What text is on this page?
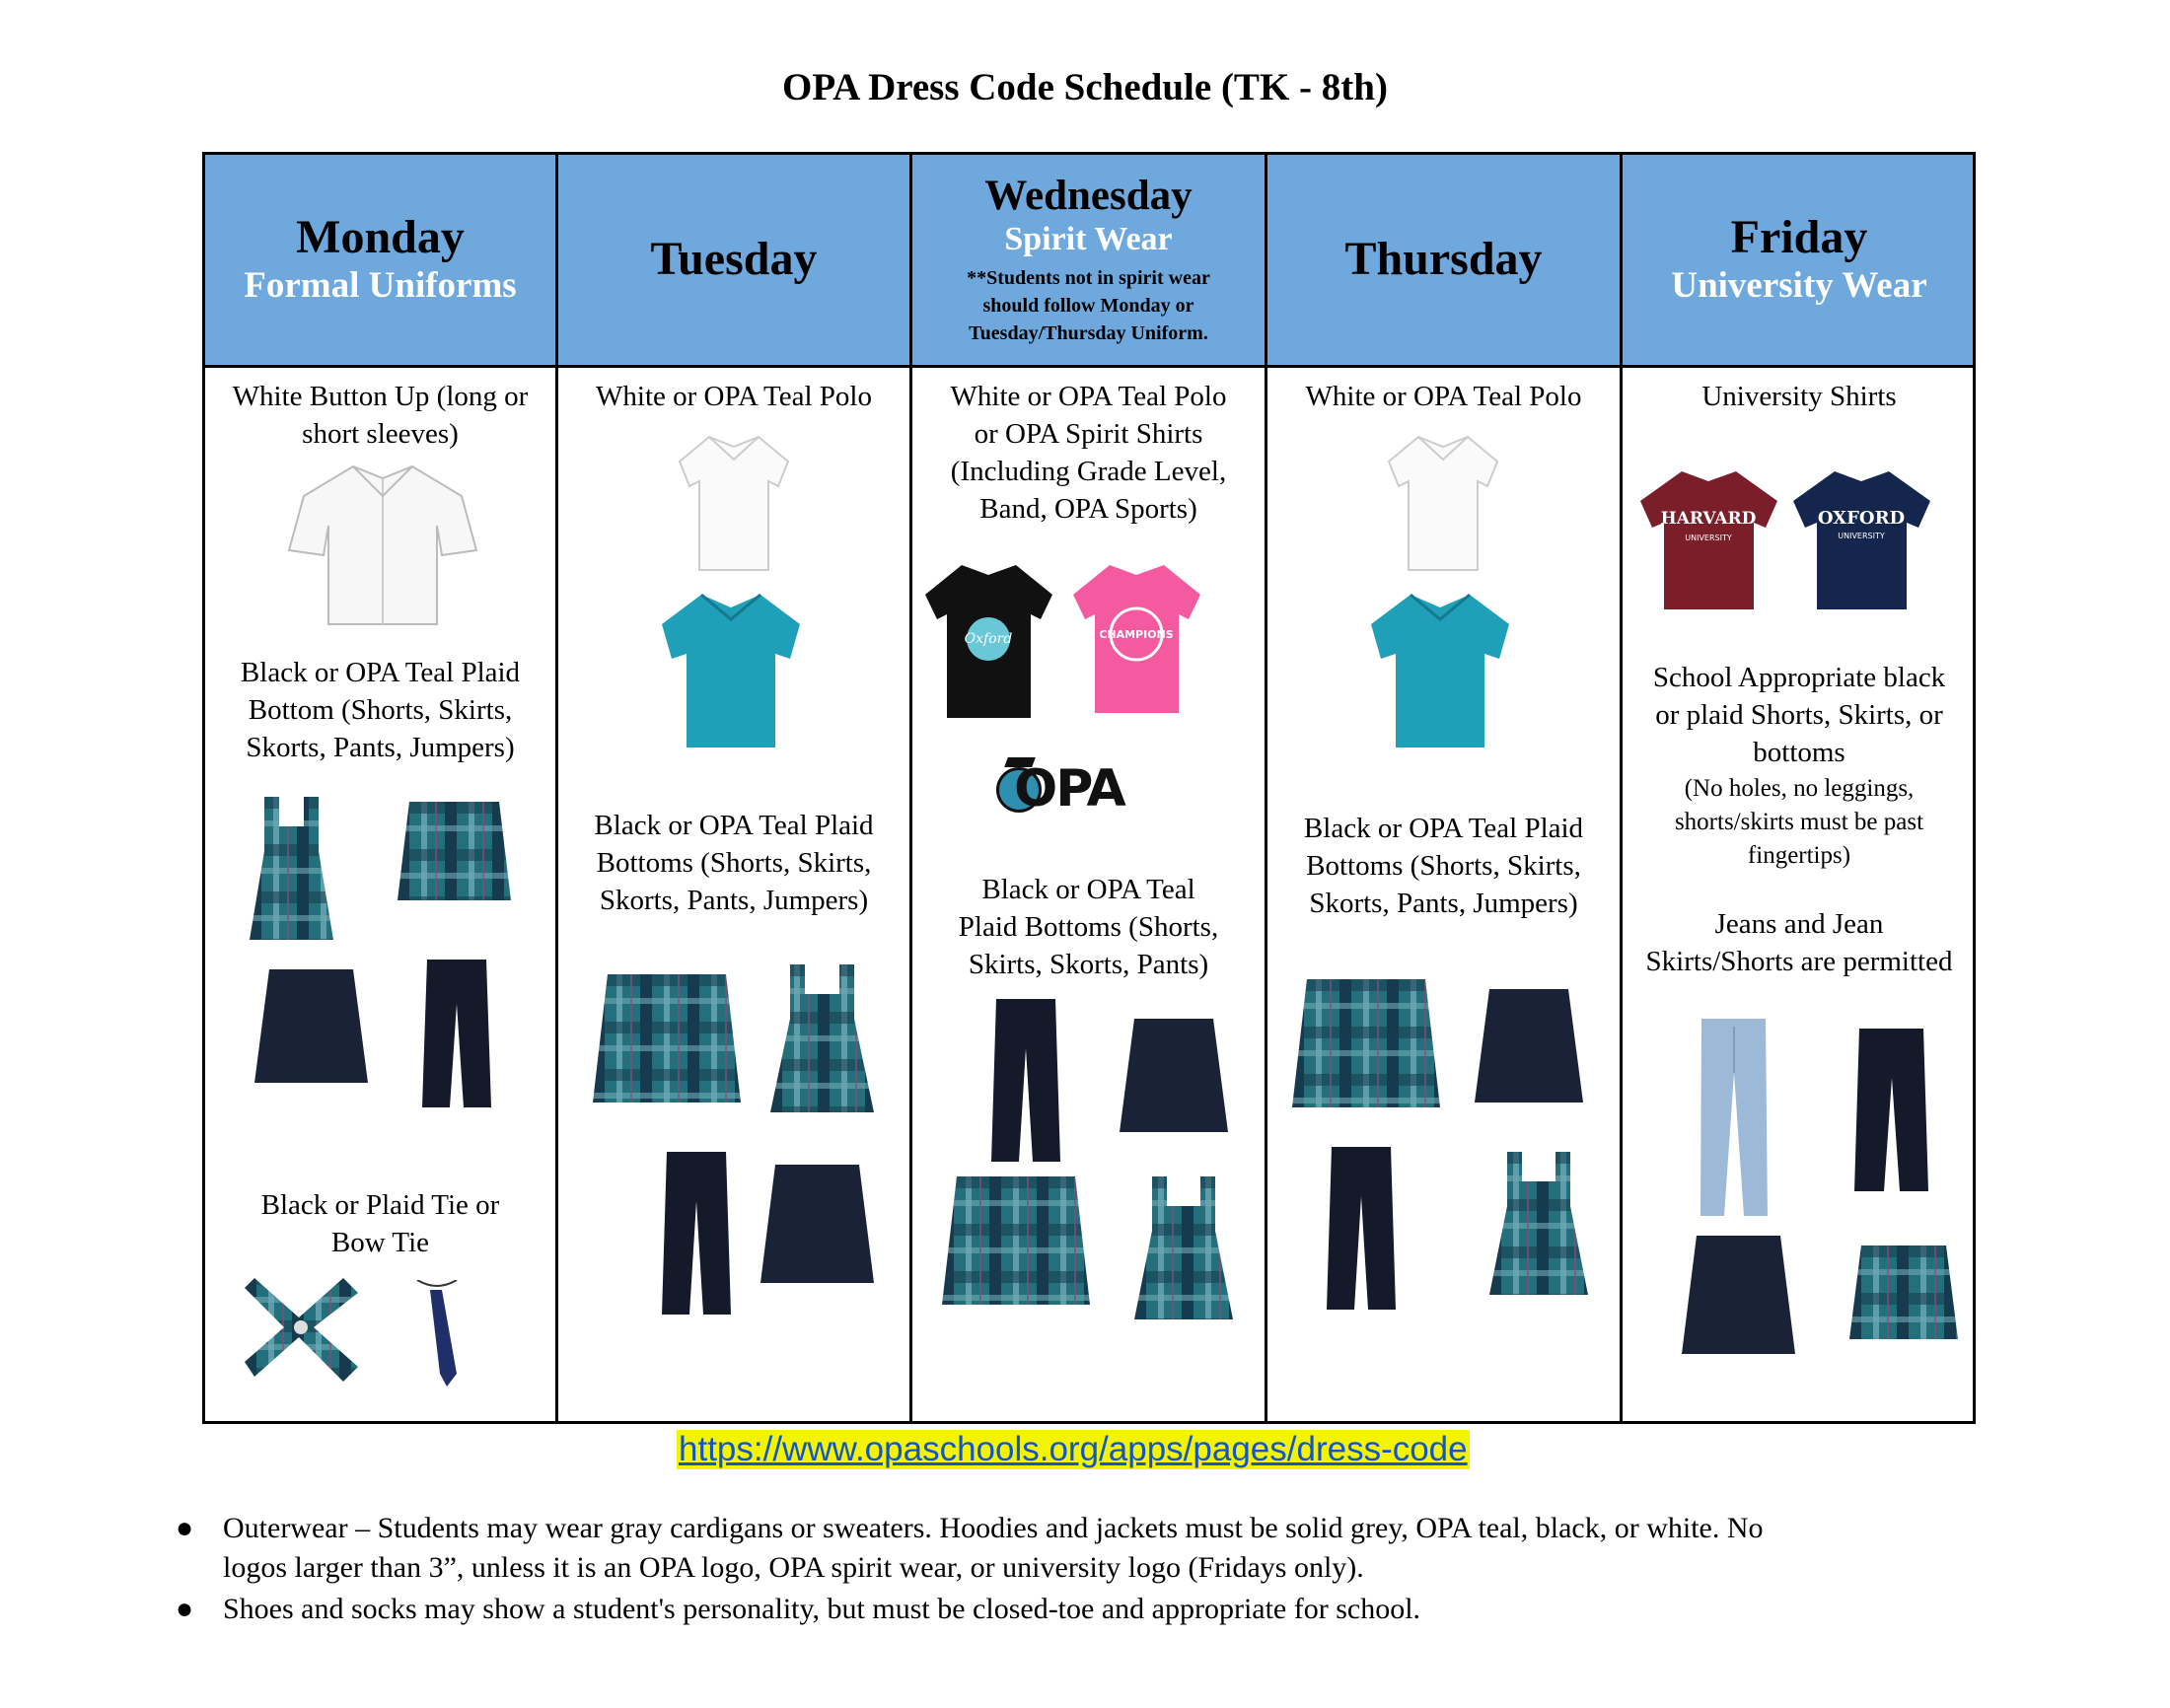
OPA Dress Code Schedule (TK - 8th)
Monday
Formal Uniforms
Tuesday
Wednesday
Spirit Wear
**Students not in spirit wear
should follow Monday or
Tuesday/Thursday Uniform.
Thursday	Friday
University Wear
White Button Up (long or
short sleeves)
Black or OPA Teal Plaid
Bottom (Shorts, Skirts,
Skorts, Pants, Jumpers)
Black or Plaid Tie or
Bow Tie
White or OPA Teal Polo
Black or OPA Teal Plaid
Bottoms (Shorts, Skirts,
Skorts, Pants, Jumpers)
White or OPA Teal Polo
or OPA Spirit Shirts
(Including Grade Level,
Band, OPA Sports)
Oxford	CHAMPIONS
OPA
Black or OPA Teal
Plaid Bottoms (Shorts,
Skirts, Skorts, Pants)
White or OPA Teal Polo
Black or OPA Teal Plaid
Bottoms (Shorts, Skirts,
Skorts, Pants, Jumpers)
University Shirts
HARVARD
UNIVERSITY
OXFORD
UNIVERSITY
School Appropriate black
or plaid Shorts, Skirts, or
bottoms
(No holes, no leggings,
shorts/skirts must be past
fingertips)
Jeans and Jean
Skirts/Shorts are permitted
https://www.opaschools.org/apps/pages/dress-code
● Outerwear – Students may wear gray cardigans or sweaters. Hoodies and jackets must be solid grey, OPA teal, black, or white. No
logos larger than 3”, unless it is an OPA logo, OPA spirit wear, or university logo (Fridays only).
● Shoes and socks may show a student's personality, but must be closed-toe and appropriate for school.
